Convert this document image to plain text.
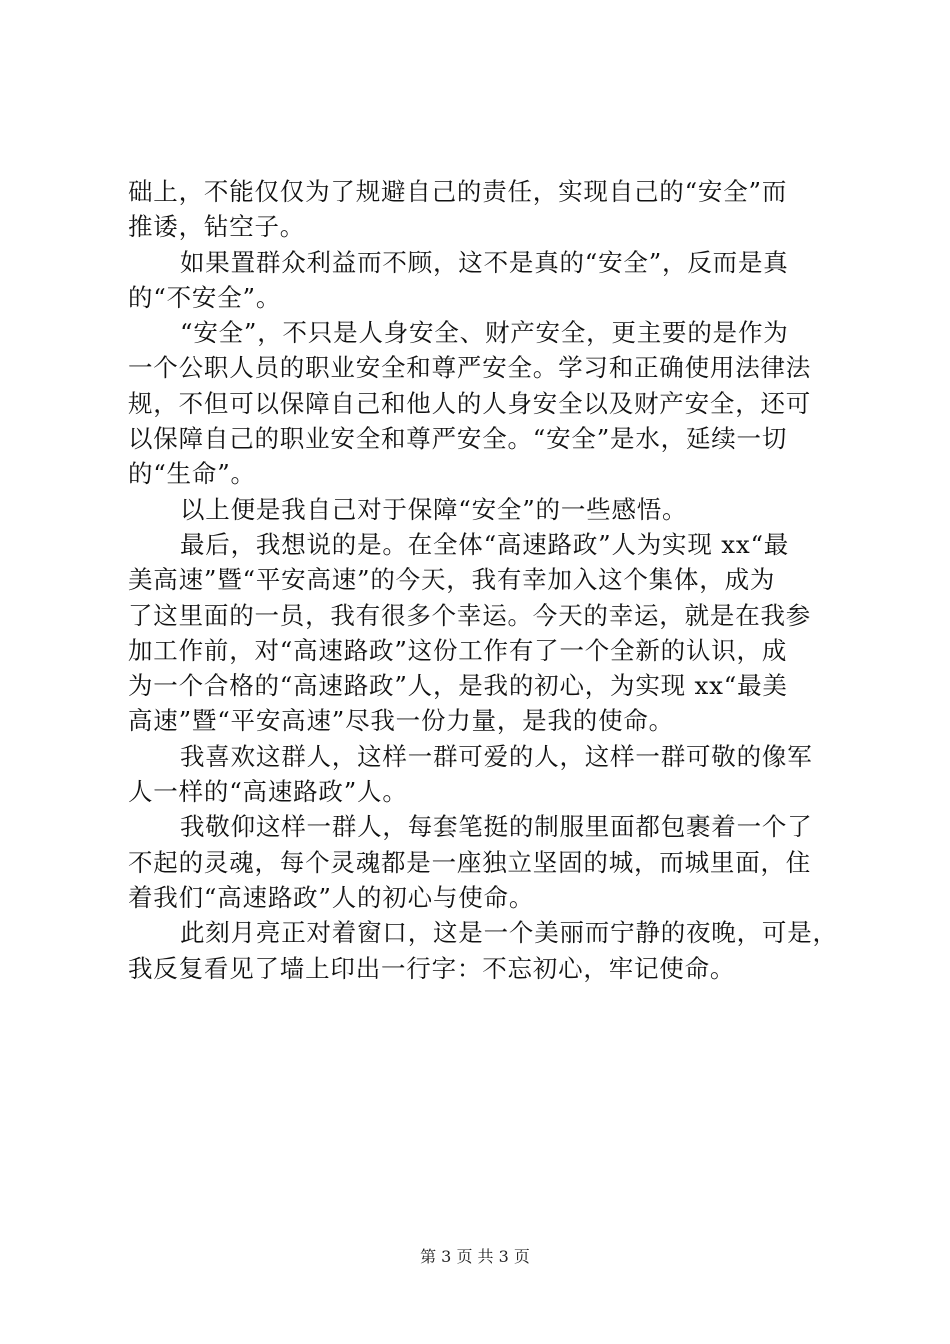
础上，不能仅仅为了规避自己的责任，实现自己的“安全”而
推诿，钻空子。
如果置群众利益而不顾，这不是真的“安全”，反而是真
的“不安全”。
“安全”，不只是人身安全、财产安全，更主要的是作为
一个公职人员的职业安全和尊严安全。学习和正确使用法律法
规，不但可以保障自己和他人的人身安全以及财产安全，还可
以保障自己的职业安全和尊严安全。“安全”是水，延续一切
的“生命”。
以上便是我自己对于保障“安全”的一些感悟。
最后，我想说的是。在全体“高速路政”人为实现 xx“最
美高速”暨“平安高速”的今天，我有幸加入这个集体，成为
了这里面的一员，我有很多个幸运。今天的幸运，就是在我参
加工作前，对“高速路政”这份工作有了一个全新的认识，成
为一个合格的“高速路政”人，是我的初心，为实现 xx“最美
高速”暨“平安高速”尽我一份力量，是我的使命。
我喜欢这群人，这样一群可爱的人，这样一群可敬的像军
人一样的“高速路政”人。
我敬仰这样一群人，每套笔挺的制服里面都包裹着一个了
不起的灵魂，每个灵魂都是一座独立坚固的城，而城里面，住
着我们“高速路政”人的初心与使命。
此刻月亮正对着窗口，这是一个美丽而宁静的夜晚，可是，
我反复看见了墙上印出一行字：不忘初心，牢记使命。
第 3 页 共 3 页
